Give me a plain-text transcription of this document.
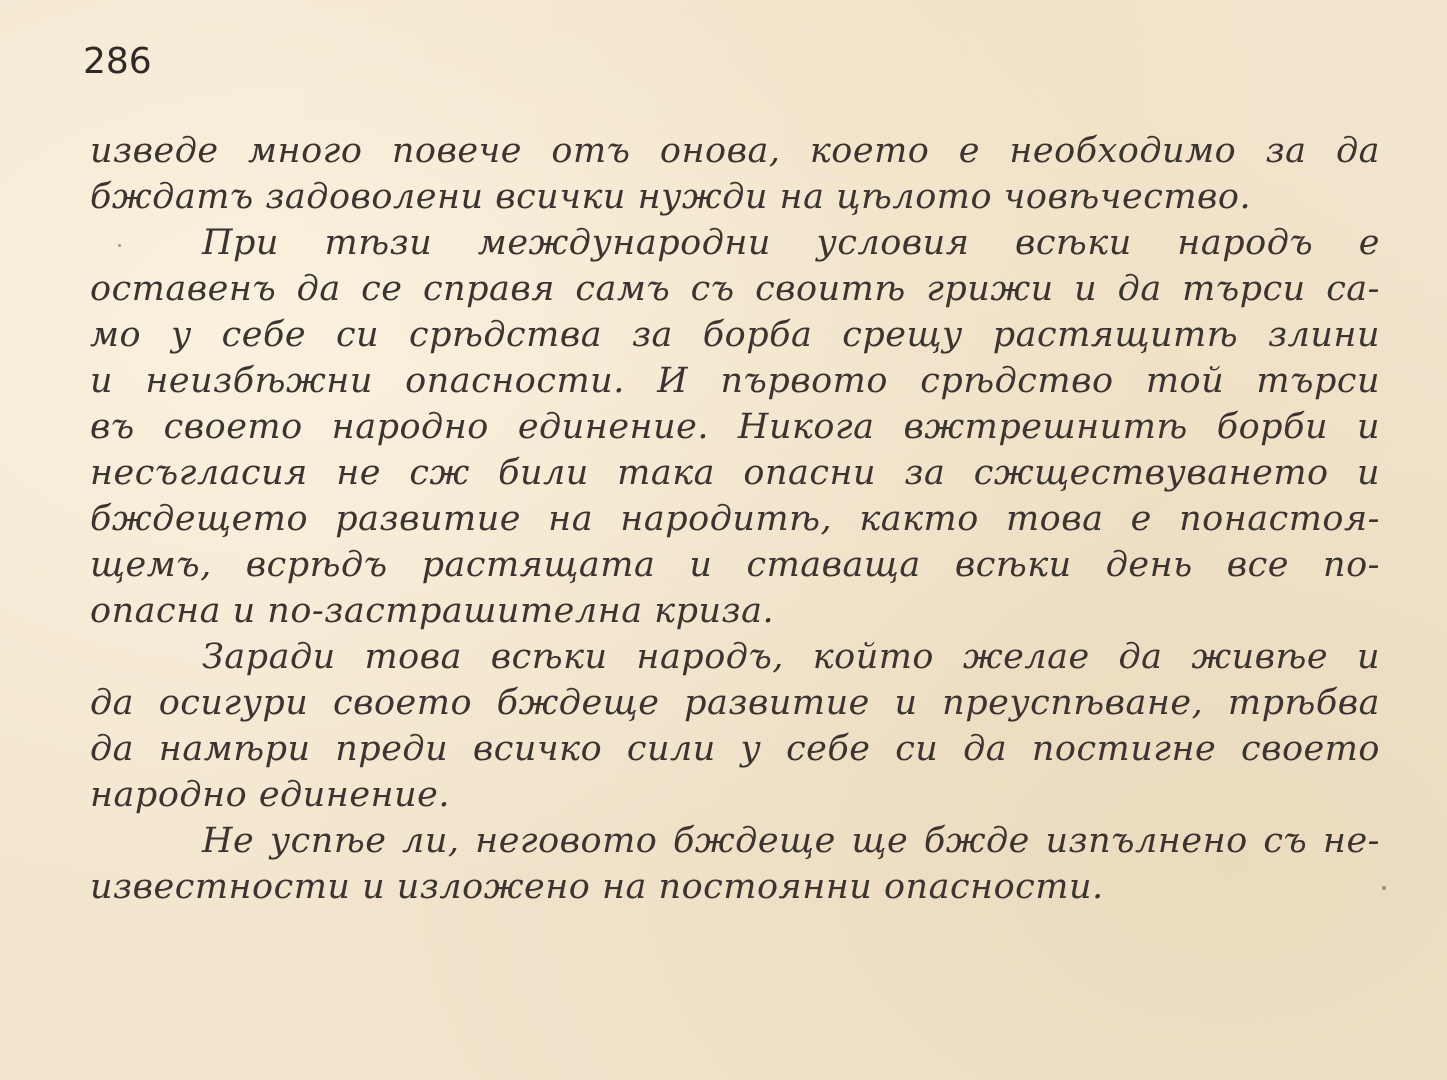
286
изведе много повече отъ онова, което е необходимо за да
бждатъ задоволени всички нужди на цѣлото човѣчество.
При тѣзи международни условия всѣки народъ е
оставенъ да се справя самъ съ своитѣ грижи и да търси са-
мо у себе си срѣдства за борба срещу растящитѣ злини
и неизбѣжни опасности. И първото срѣдство той търси
въ своето народно единение. Никога вжтрешнитѣ борби и
несъгласия не сж били така опасни за сжществуването и
бждещето развитие на народитѣ, както това е понастоя-
щемъ, всрѣдъ растящата и ставаща всѣки день все по-
опасна и по-застрашителна криза.
Заради това всѣки народъ, който желае да живѣе и
да осигури своето бждеще развитие и преуспѣване, трѣбва
да намѣри преди всичко сили у себе си да постигне своето
народно единение.
Не успѣе ли, неговото бждеще ще бжде изпълнено съ не-
известности и изложено на постоянни опасности.
